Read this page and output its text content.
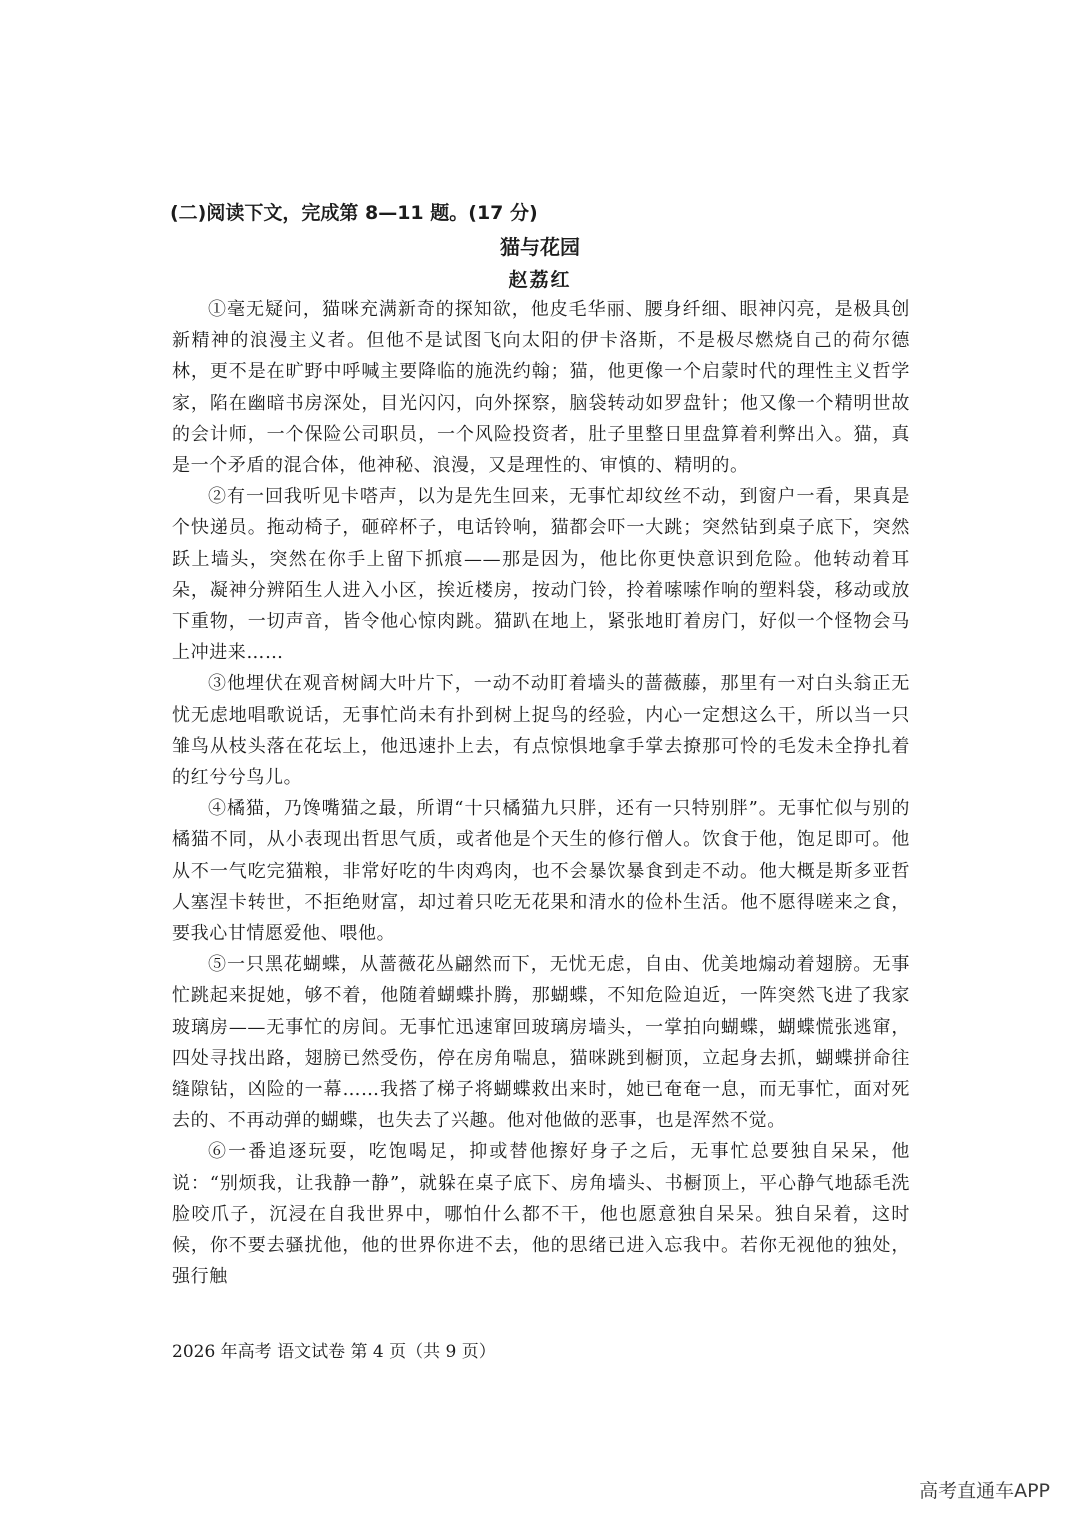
(二)阅读下文，完成第 8—11 题。(17 分)
猫与花园
赵荔红

①毫无疑问，猫咪充满新奇的探知欲，他皮毛华丽、腰身纤细、眼神闪亮，是极具创新精神的浪漫主义者。但他不是试图飞向太阳的伊卡洛斯，不是极尽燃烧自己的荷尔德林，更不是在旷野中呼喊主要降临的施洗约翰；猫，他更像一个启蒙时代的理性主义哲学家，陷在幽暗书房深处，目光闪闪，向外探察，脑袋转动如罗盘针；他又像一个精明世故的会计师，一个保险公司职员，一个风险投资者，肚子里整日里盘算着利弊出入。猫，真是一个矛盾的混合体，他神秘、浪漫，又是理性的、审慎的、精明的。

②有一回我听见卡嗒声，以为是先生回来，无事忙却纹丝不动，到窗户一看，果真是个快递员。拖动椅子，砸碎杯子，电话铃响，猫都会吓一大跳；突然钻到桌子底下，突然跃上墙头，突然在你手上留下抓痕——那是因为，他比你更快意识到危险。他转动着耳朵，凝神分辨陌生人进入小区，挨近楼房，按动门铃，拎着嗦嗦作响的塑料袋，移动或放下重物，一切声音，皆令他心惊肉跳。猫趴在地上，紧张地盯着房门，好似一个怪物会马上冲进来……

③他埋伏在观音树阔大叶片下，一动不动盯着墙头的蔷薇藤，那里有一对白头翁正无忧无虑地唱歌说话，无事忙尚未有扑到树上捉鸟的经验，内心一定想这么干，所以当一只雏鸟从枝头落在花坛上，他迅速扑上去，有点惊惧地拿手掌去撩那可怜的毛发未全挣扎着的红兮兮鸟儿。

④橘猫，乃馋嘴猫之最，所谓“十只橘猫九只胖，还有一只特别胖”。无事忙似与别的橘猫不同，从小表现出哲思气质，或者他是个天生的修行僧人。饮食于他，饱足即可。他从不一气吃完猫粮，非常好吃的牛肉鸡肉，也不会暴饮暴食到走不动。他大概是斯多亚哲人塞涅卡转世，不拒绝财富，却过着只吃无花果和清水的俭朴生活。他不愿得嗟来之食，要我心甘情愿爱他、喂他。

⑤一只黑花蝴蝶，从蔷薇花丛翩然而下，无忧无虑，自由、优美地煽动着翅膀。无事忙跳起来捉她，够不着，他随着蝴蝶扑腾，那蝴蝶，不知危险迫近，一阵突然飞进了我家玻璃房——无事忙的房间。无事忙迅速窜回玻璃房墙头，一掌拍向蝴蝶，蝴蝶慌张逃窜，四处寻找出路，翅膀已然受伤，停在房角喘息，猫咪跳到橱顶，立起身去抓，蝴蝶拼命往缝隙钻，凶险的一幕……我搭了梯子将蝴蝶救出来时，她已奄奄一息，而无事忙，面对死去的、不再动弹的蝴蝶，也失去了兴趣。他对他做的恶事，也是浑然不觉。

⑥一番追逐玩耍，吃饱喝足，抑或替他擦好身子之后，无事忙总要独自呆呆，他说：“别烦我，让我静一静”，就躲在桌子底下、房角墙头、书橱顶上，平心静气地舔毛洗脸咬爪子，沉浸在自我世界中，哪怕什么都不干，他也愿意独自呆呆。独自呆着，这时候，你不要去骚扰他，他的世界你进不去，他的思绪已进入忘我中。若你无视他的独处，强行触

2026 年高考 语文试卷 第 4 页（共 9 页）
高考直通车APP
